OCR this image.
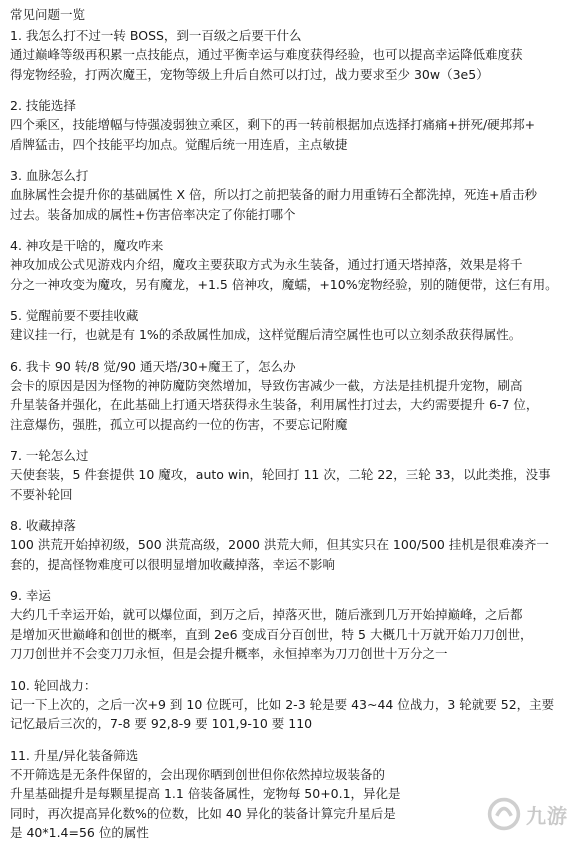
常见问题一览
1. 我怎么打不过一转 BOSS，到一百级之后要干什么
通过巅峰等级再积累一点技能点，通过平衡幸运与难度获得经验，也可以提高幸运降低难度获
得宠物经验，打两次魔王，宠物等级上升后自然可以打过，战力要求至少 30w（3e5）
2. 技能选择
四个乘区，技能增幅与恃强凌弱独立乘区，剩下的再一转前根据加点选择打痛痛+拼死/硬邦邦+
盾牌猛击，四个技能平均加点。觉醒后统一用连盾，主点敏捷
3. 血脉怎么打
血脉属性会提升你的基础属性 X 倍，所以打之前把装备的耐力用重铸石全都洗掉，死连+盾击秒
过去。装备加成的属性+伤害倍率决定了你能打哪个
4. 神攻是干啥的，魔攻咋来
神攻加成公式见游戏内介绍，魔攻主要获取方式为永生装备，通过打通天塔掉落，效果是将千
分之一神攻变为魔攻，另有魔龙，+1.5 倍神攻，魔蠕，+10%宠物经验，别的随便带，这仨有用。
5. 觉醒前要不要挂收藏
建议挂一行，也就是有 1%的杀敌属性加成，这样觉醒后清空属性也可以立刻杀敌获得属性。
6. 我卡 90 转/8 觉/90 通天塔/30+魔王了，怎么办
会卡的原因是因为怪物的神防魔防突然增加，导致伤害减少一截，方法是挂机提升宠物，刷高
升星装备并强化，在此基础上打通天塔获得永生装备，利用属性打过去，大约需要提升 6-7 位，
注意爆伤，强胜，孤立可以提高约一位的伤害，不要忘记附魔
7. 一轮怎么过
天使套装，5 件套提供 10 魔攻，auto win，轮回打 11 次，二轮 22，三轮 33，以此类推，没事
不要补轮回
8. 收藏掉落
100 洪荒开始掉初级，500 洪荒高级，2000 洪荒大师，但其实只在 100/500 挂机是很难凑齐一
套的，提高怪物难度可以很明显增加收藏掉落，幸运不影响
9. 幸运
大约几千幸运开始，就可以爆位面，到万之后，掉落灭世，随后涨到几万开始掉巅峰，之后都
是增加灭世巅峰和创世的概率，直到 2e6 变成百分百创世，特 5 大概几十万就开始刀刀创世，
刀刀创世并不会变刀刀永恒，但是会提升概率，永恒掉率为刀刀创世十万分之一
10. 轮回战力：
记一下上次的，之后一次+9 到 10 位既可，比如 2-3 轮是要 43~44 位战力，3 轮就要 52，主要
记忆最后三次的，7-8 要 92,8-9 要 101,9-10 要 110
11. 升星/异化装备筛选
不开筛选是无条件保留的，会出现你晒到创世但你依然掉垃圾装备的
升星基础提升是每颗星提高 1.1 倍装备属性，宠物每 50+0.1，异化是
同时，再次提高异化数%的位数，比如 40 异化的装备计算完升星后是
是 40*1.4=56 位的属性
九游
